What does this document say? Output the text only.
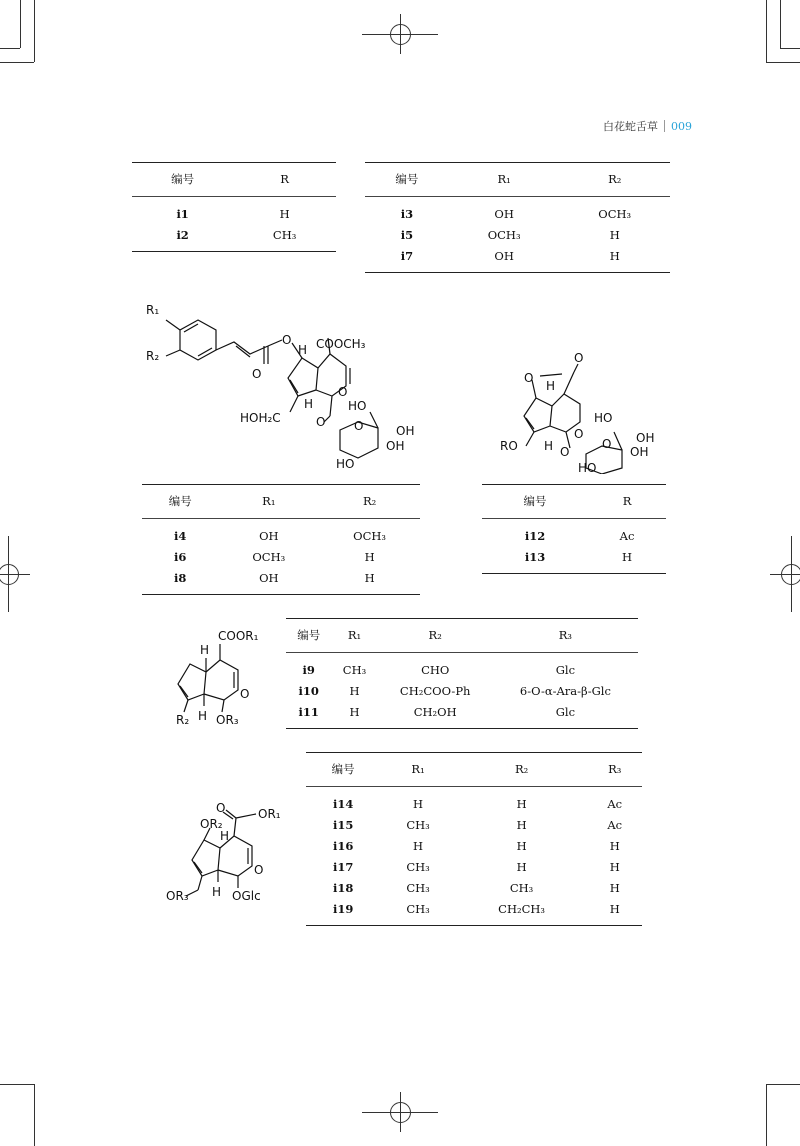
白花蛇舌草 009
编号	R
i1	H
i2	CH₃
编号	R₁	R₂
i3	OH	OCH₃
i5	OCH₃	H
i7	OH	H
R₁
R₂
O
O
COOCH₃
H
H
O
HOH₂C	O
HO
OH
OH
HO
O
O
O
H
O
HO
OH
OH
RO H O
HO
O
编号	R₁	R₂
i4	OH	OCH₃
i6	OCH₃	H
i8	OH	H
编号	R
i12	Ac
i13	H
COOR₁
H
O
R₂ H OR₃
编号	R₁	R₂	R₃
i9	CH₃	CHO	Glc
i10	H	CH₂COO-Ph	6-O-α-Ara-β-Glc
i11	H	CH₂OH	Glc
O	OR₁
OR₂
H
O
OR₃ H OGlc
编号	R₁	R₂	R₃
i14	H	H	Ac
i15	CH₃	H	Ac
i16	H	H	H
i17	CH₃	H	H
i18	CH₃	CH₃	H
i19	CH₃	CH₂CH₃	H
